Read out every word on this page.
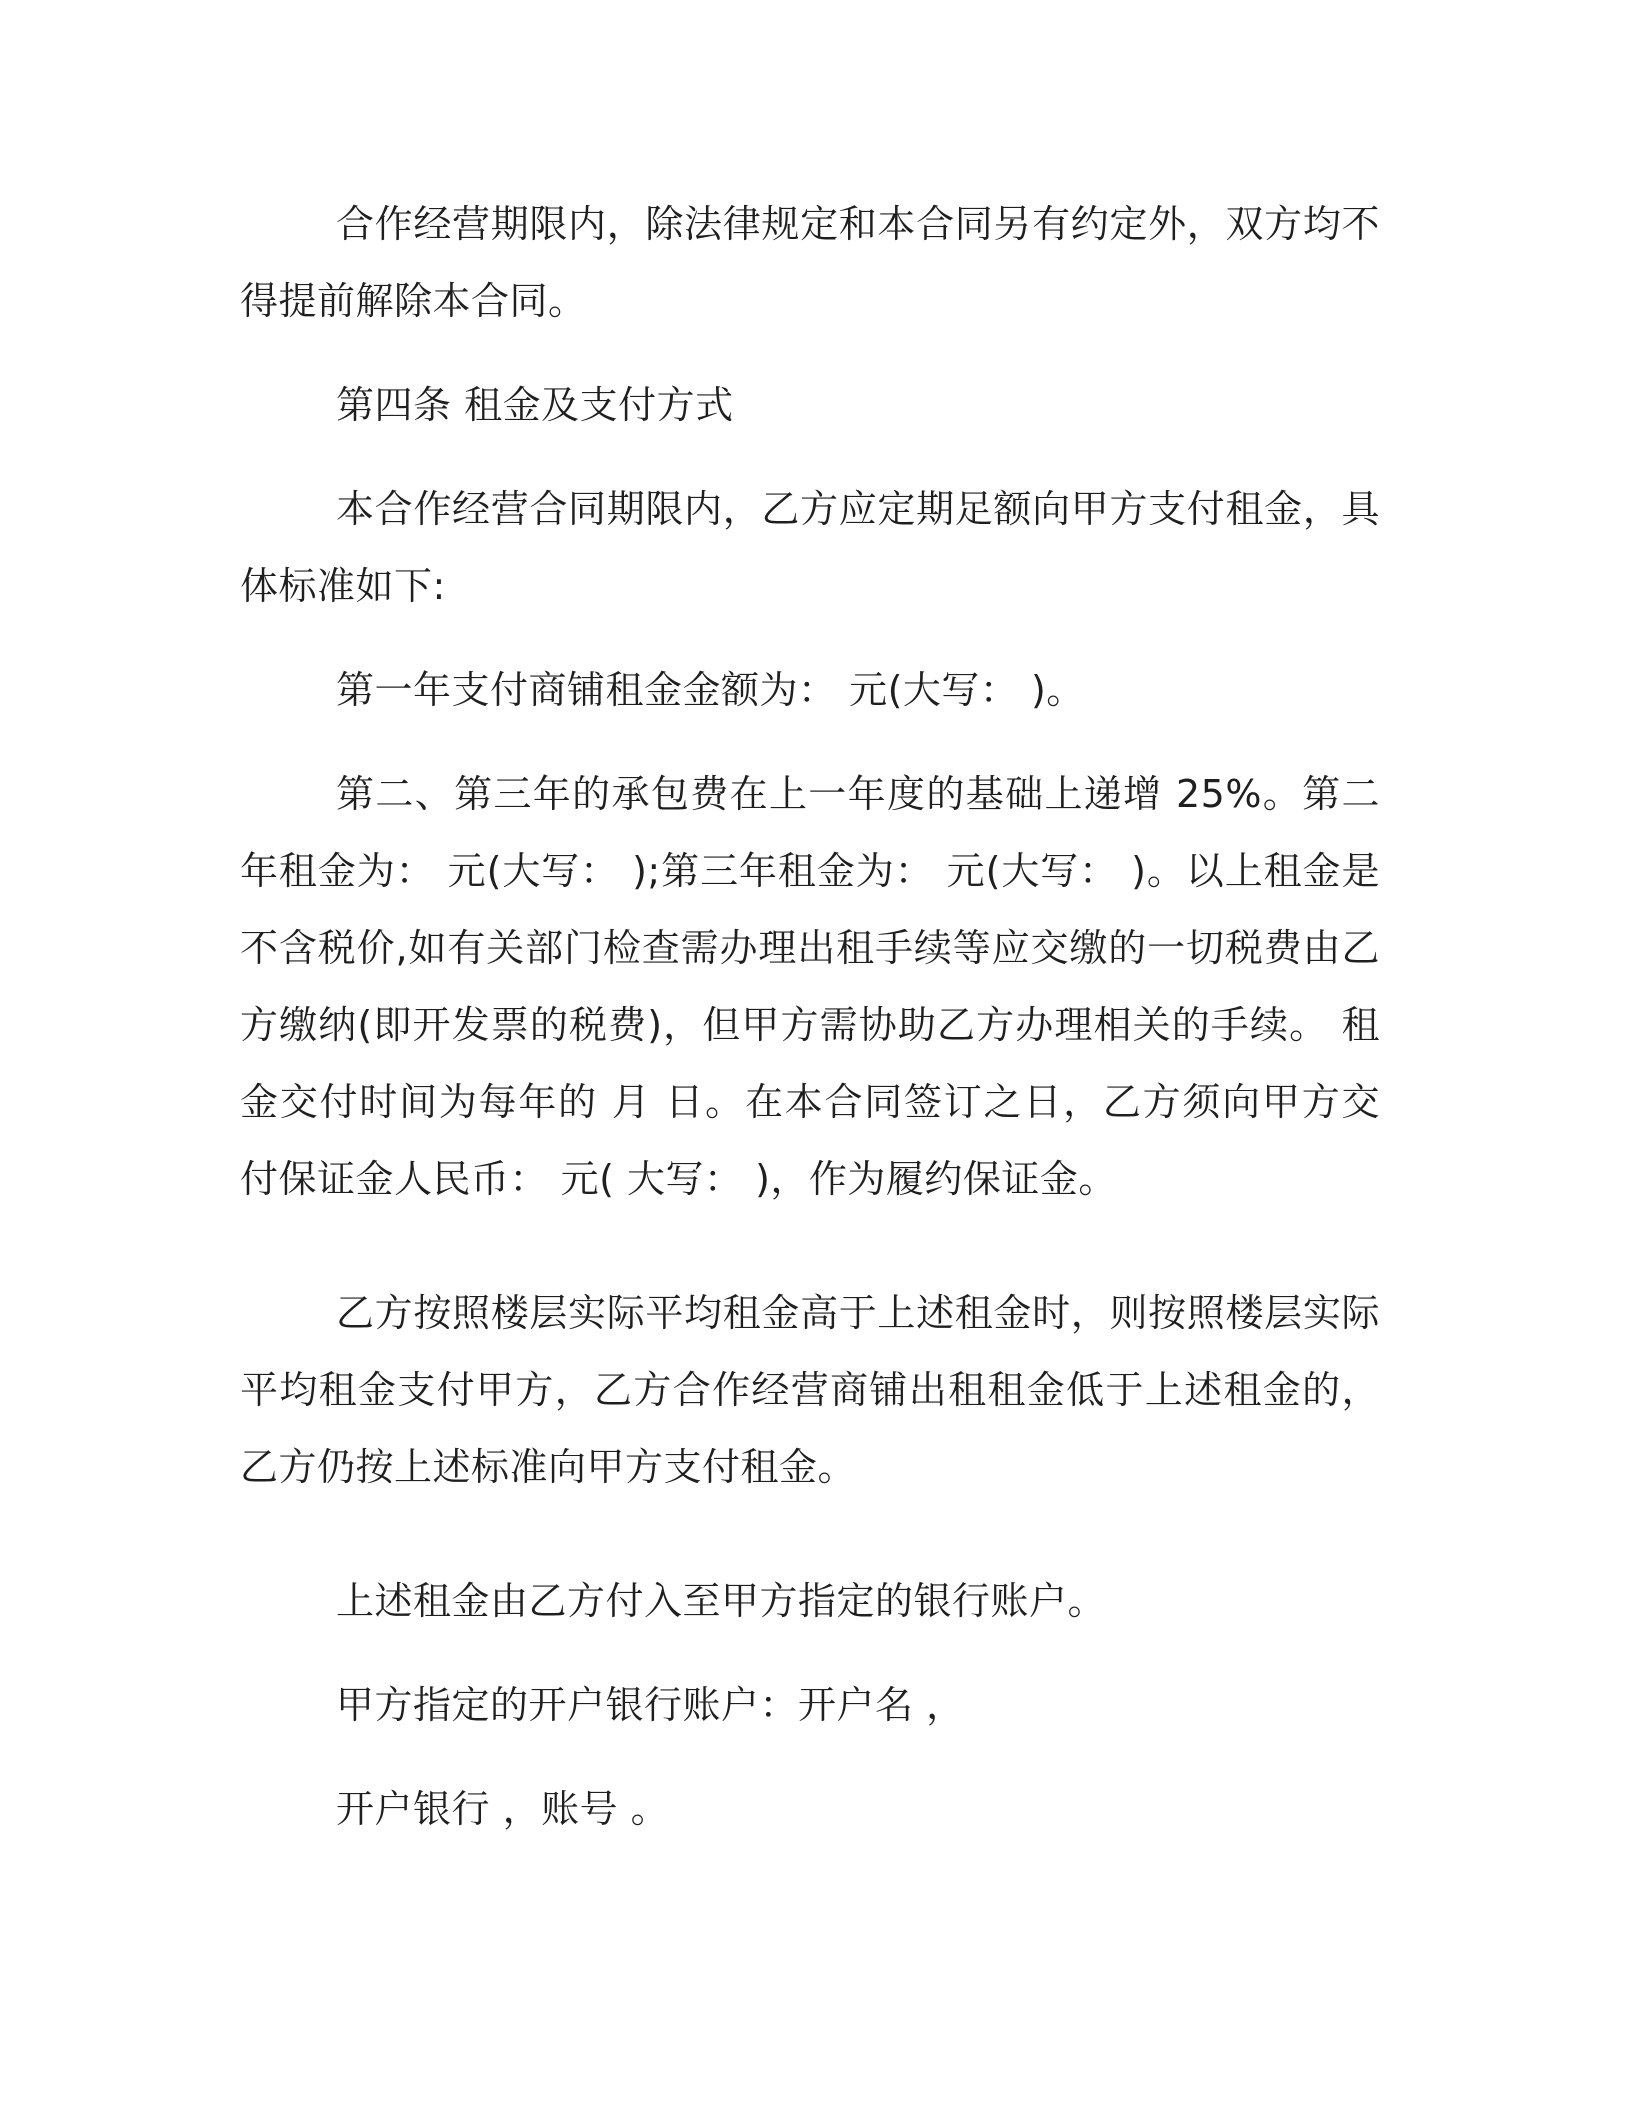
合作经营期限内，除法律规定和本合同另有约定外，双方均不得提前解除本合同。

第四条 租金及支付方式

本合作经营合同期限内，乙方应定期足额向甲方支付租金，具体标准如下:

第一年支付商铺租金金额为： 元(大写： )。

第二、第三年的承包费在上一年度的基础上递增 25%。第二年租金为： 元(大写： );第三年租金为： 元(大写： )。以上租金是不含税价,如有关部门检查需办理出租手续等应交缴的一切税费由乙方缴纳(即开发票的税费)，但甲方需协助乙方办理相关的手续。 租金交付时间为每年的 月 日。在本合同签订之日，乙方须向甲方交付保证金人民币： 元( 大写： )，作为履约保证金。

乙方按照楼层实际平均租金高于上述租金时，则按照楼层实际平均租金支付甲方，乙方合作经营商铺出租租金低于上述租金的，乙方仍按上述标准向甲方支付租金。

上述租金由乙方付入至甲方指定的银行账户。

甲方指定的开户银行账户：开户名 ，

开户银行 ，账号 。
